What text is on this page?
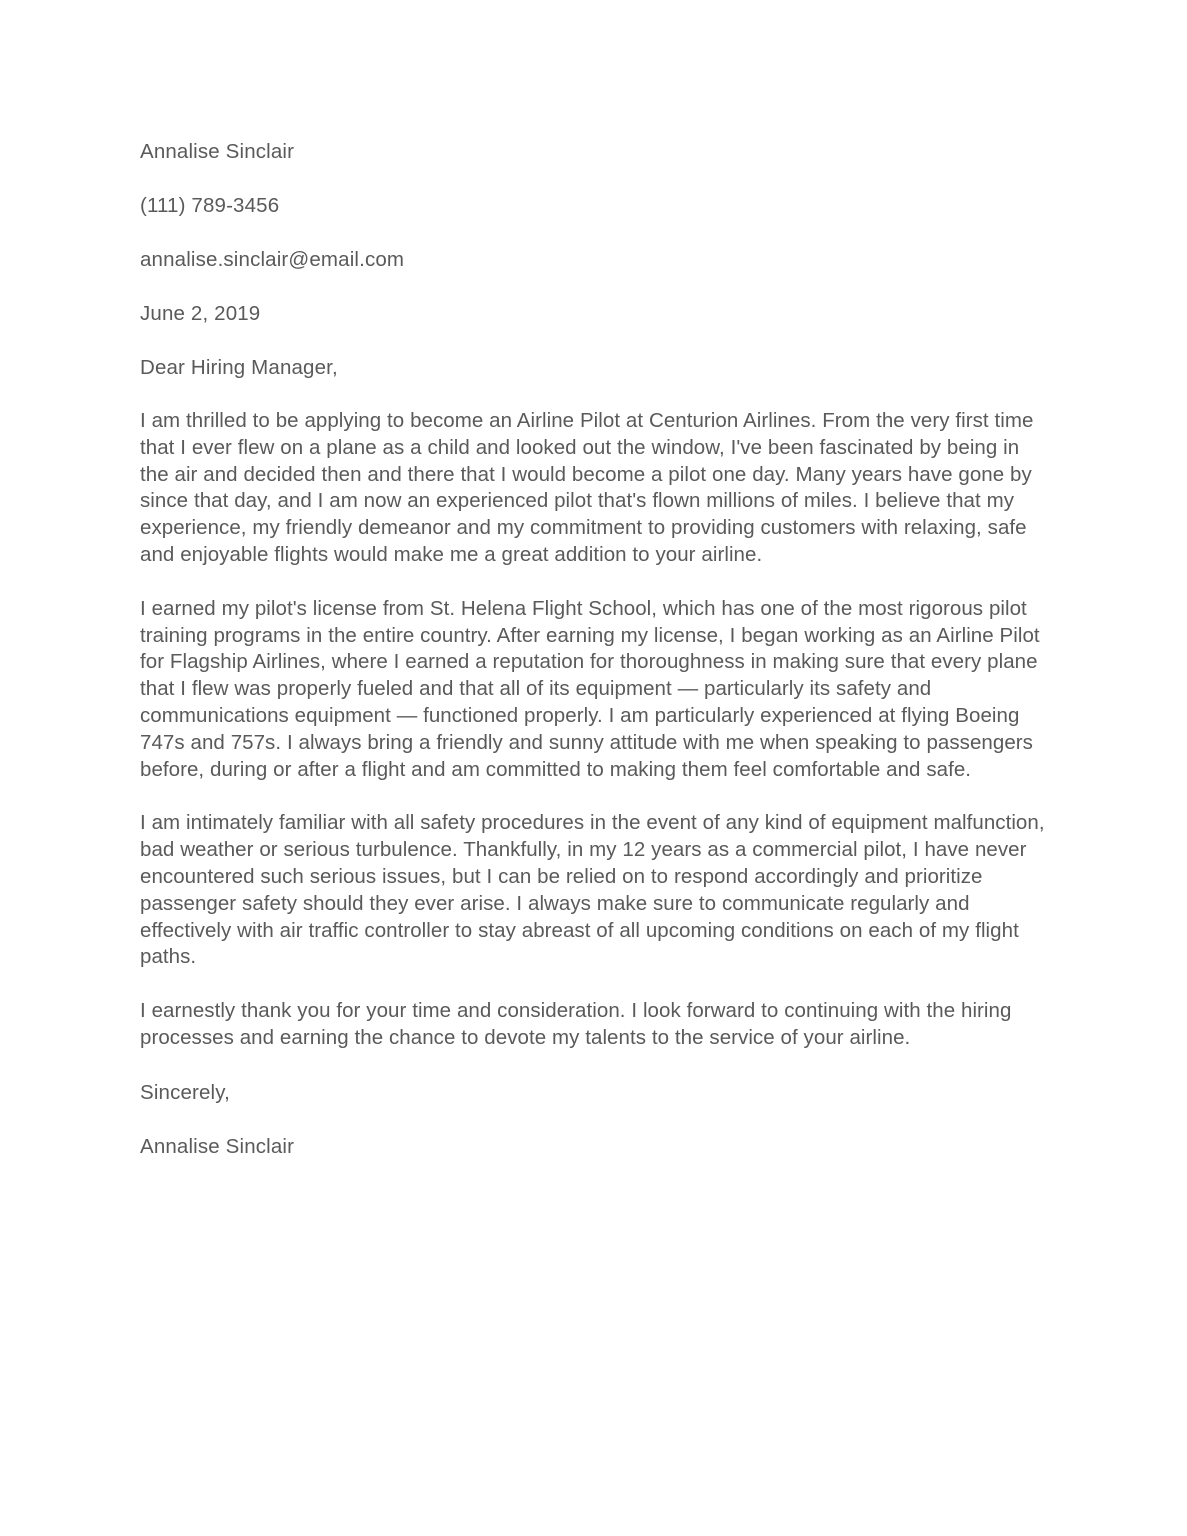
Annalise Sinclair

(111) 789-3456

annalise.sinclair@email.com

June 2, 2019

Dear Hiring Manager,

I am thrilled to be applying to become an Airline Pilot at Centurion Airlines. From the very first time that I ever flew on a plane as a child and looked out the window, I've been fascinated by being in the air and decided then and there that I would become a pilot one day. Many years have gone by since that day, and I am now an experienced pilot that's flown millions of miles. I believe that my experience, my friendly demeanor and my commitment to providing customers with relaxing, safe and enjoyable flights would make me a great addition to your airline.

I earned my pilot's license from St. Helena Flight School, which has one of the most rigorous pilot training programs in the entire country. After earning my license, I began working as an Airline Pilot for Flagship Airlines, where I earned a reputation for thoroughness in making sure that every plane that I flew was properly fueled and that all of its equipment — particularly its safety and communications equipment — functioned properly. I am particularly experienced at flying Boeing 747s and 757s. I always bring a friendly and sunny attitude with me when speaking to passengers before, during or after a flight and am committed to making them feel comfortable and safe.

I am intimately familiar with all safety procedures in the event of any kind of equipment malfunction, bad weather or serious turbulence. Thankfully, in my 12 years as a commercial pilot, I have never encountered such serious issues, but I can be relied on to respond accordingly and prioritize passenger safety should they ever arise. I always make sure to communicate regularly and effectively with air traffic controller to stay abreast of all upcoming conditions on each of my flight paths.

I earnestly thank you for your time and consideration. I look forward to continuing with the hiring processes and earning the chance to devote my talents to the service of your airline.

Sincerely,

Annalise Sinclair
